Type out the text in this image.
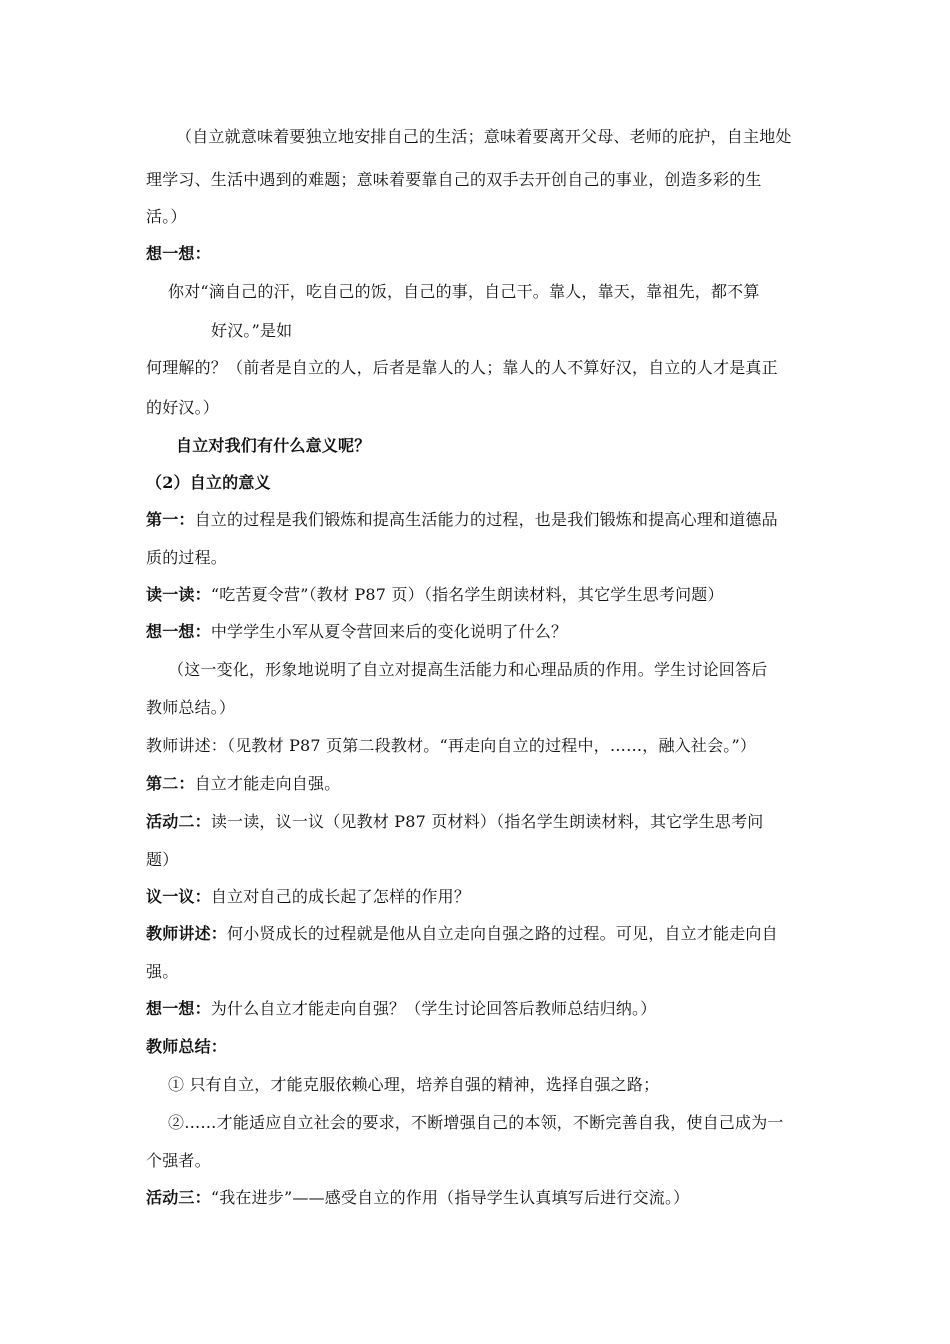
（自立就意味着要独立地安排自己的生活；意味着要离开父母、老师的庇护，自主地处
理学习、生活中遇到的难题；意味着要靠自己的双手去开创自己的事业，创造多彩的生
活。）
想一想：
你对“滴自己的汗，吃自己的饭，自己的事，自己干。靠人，靠天，靠祖先，都不算
好汉。”是如
何理解的？（前者是自立的人，后者是靠人的人；靠人的人不算好汉，自立的人才是真正
的好汉。）
自立对我们有什么意义呢？
（2）自立的意义
第一：自立的过程是我们锻炼和提高生活能力的过程，也是我们锻炼和提高心理和道德品
质的过程。
读一读：“吃苦夏令营”（教材 P87 页）（指名学生朗读材料，其它学生思考问题）
想一想：中学学生小军从夏令营回来后的变化说明了什么？
（这一变化，形象地说明了自立对提高生活能力和心理品质的作用。学生讨论回答后
教师总结。）
教师讲述：（见教材 P87 页第二段教材。“再走向自立的过程中，……，融入社会。”）
第二：自立才能走向自强。
活动二：读一读，议一议（见教材 P87 页材料）（指名学生朗读材料，其它学生思考问
题）
议一议：自立对自己的成长起了怎样的作用？
教师讲述：何小贤成长的过程就是他从自立走向自强之路的过程。可见，自立才能走向自
强。
想一想：为什么自立才能走向自强？（学生讨论回答后教师总结归纳。）
教师总结：
① 只有自立，才能克服依赖心理，培养自强的精神，选择自强之路；
②……才能适应自立社会的要求，不断增强自己的本领，不断完善自我，使自己成为一
个强者。
活动三：“我在进步”——感受自立的作用（指导学生认真填写后进行交流。）
